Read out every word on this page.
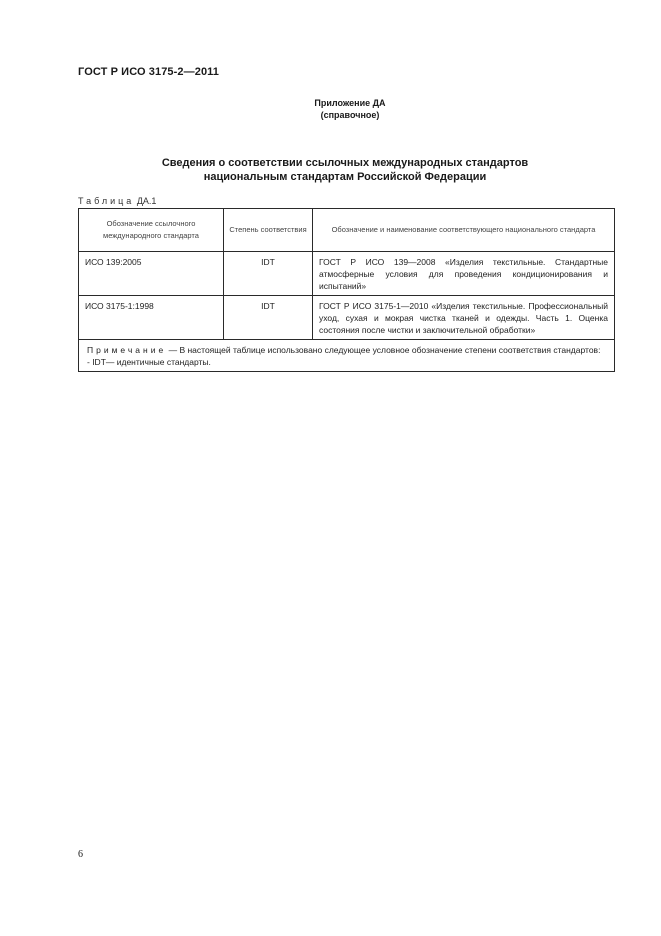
ГОСТ Р ИСО 3175-2—2011
Приложение ДА
(справочное)
Сведения о соответствии ссылочных международных стандартов
национальным стандартам Российской Федерации
Таблица ДА.1
Обозначение ссылочного международного стандарта	Степень соответствия	Обозначение и наименование соответствующего национального стандарта
ИСО 139:2005	IDT	ГОСТ Р ИСО 139—2008 «Изделия текстильные. Стандартные атмосферные условия для проведения кондиционирования и испытаний»
ИСО 3175-1:1998	IDT	ГОСТ Р ИСО 3175-1—2010 «Изделия текстильные. Профессиональный уход, сухая и мокрая чистка тканей и одежды. Часть 1. Оценка состояния после чистки и заключительной обработки»

Примечание — В настоящей таблице использовано следующее условное обозначение степени соответствия стандартов:
- IDT— идентичные стандарты.		
6
